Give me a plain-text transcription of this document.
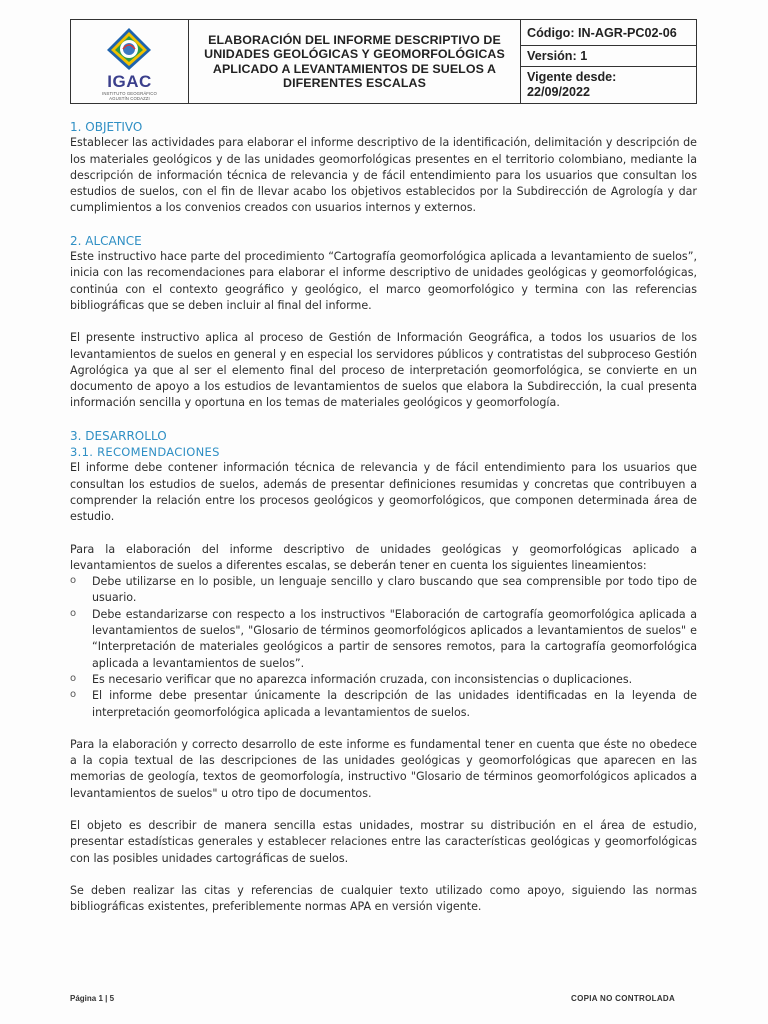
IGAC
INSTITUTO GEOGRÁFICO
AGUSTÍN CODAZZI
ELABORACIÓN DEL INFORME DESCRIPTIVO DE UNIDADES GEOLÓGICAS Y GEOMORFOLÓGICAS APLICADO A LEVANTAMIENTOS DE SUELOS A DIFERENTES ESCALAS
Código: IN-AGR-PC02-06
Versión: 1
Vigente desde:
22/09/2022
1. OBJETIVO

Establecer las actividades para elaborar el informe descriptivo de la identificación, delimitación y descripción de los materiales geológicos y de las unidades geomorfológicas presentes en el territorio colombiano, mediante la descripción de información técnica de relevancia y de fácil entendimiento para los usuarios que consultan los estudios de suelos, con el fin de llevar acabo los objetivos establecidos por la Subdirección de Agrología y dar cumplimientos a los convenios creados con usuarios internos y externos.

2. ALCANCE

Este instructivo hace parte del procedimiento “Cartografía geomorfológica aplicada a levantamiento de suelos”, inicia con las recomendaciones para elaborar el informe descriptivo de unidades geológicas y geomorfológicas, continúa con el contexto geográfico y geológico, el marco geomorfológico y termina con las referencias bibliográficas que se deben incluir al final del informe.

El presente instructivo aplica al proceso de Gestión de Información Geográfica, a todos los usuarios de los levantamientos de suelos en general y en especial los servidores públicos y contratistas del subproceso Gestión Agrológica ya que al ser el elemento final del proceso de interpretación geomorfológica, se convierte en un documento de apoyo a los estudios de levantamientos de suelos que elabora la Subdirección, la cual presenta información sencilla y oportuna en los temas de materiales geológicos y geomorfología.

3. DESARROLLO
3.1. RECOMENDACIONES

El informe debe contener información técnica de relevancia y de fácil entendimiento para los usuarios que consultan los estudios de suelos, además de presentar definiciones resumidas y concretas que contribuyen a comprender la relación entre los procesos geológicos y geomorfológicos, que componen determinada área de estudio.

Para la elaboración del informe descriptivo de unidades geológicas y geomorfológicas aplicado a levantamientos de suelos a diferentes escalas, se deberán tener en cuenta los siguientes lineamientos:

o Debe utilizarse en lo posible, un lenguaje sencillo y claro buscando que sea comprensible por todo tipo de usuario.
o Debe estandarizarse con respecto a los instructivos "Elaboración de cartografía geomorfológica aplicada a levantamientos de suelos", "Glosario de términos geomorfológicos aplicados a levantamientos de suelos" e “Interpretación de materiales geológicos a partir de sensores remotos, para la cartografía geomorfológica aplicada a levantamientos de suelos”.
o Es necesario verificar que no aparezca información cruzada, con inconsistencias o duplicaciones.
o El informe debe presentar únicamente la descripción de las unidades identificadas en la leyenda de interpretación geomorfológica aplicada a levantamientos de suelos.

Para la elaboración y correcto desarrollo de este informe es fundamental tener en cuenta que éste no obedece a la copia textual de las descripciones de las unidades geológicas y geomorfológicas que aparecen en las memorias de geología, textos de geomorfología, instructivo "Glosario de términos geomorfológicos aplicados a levantamientos de suelos" u otro tipo de documentos.

El objeto es describir de manera sencilla estas unidades, mostrar su distribución en el área de estudio, presentar estadísticas generales y establecer relaciones entre las características geológicas y geomorfológicas con las posibles unidades cartográficas de suelos.

Se deben realizar las citas y referencias de cualquier texto utilizado como apoyo, siguiendo las normas bibliográficas existentes, preferiblemente normas APA en versión vigente.

Página 1 | 5	COPIA NO CONTROLADA
